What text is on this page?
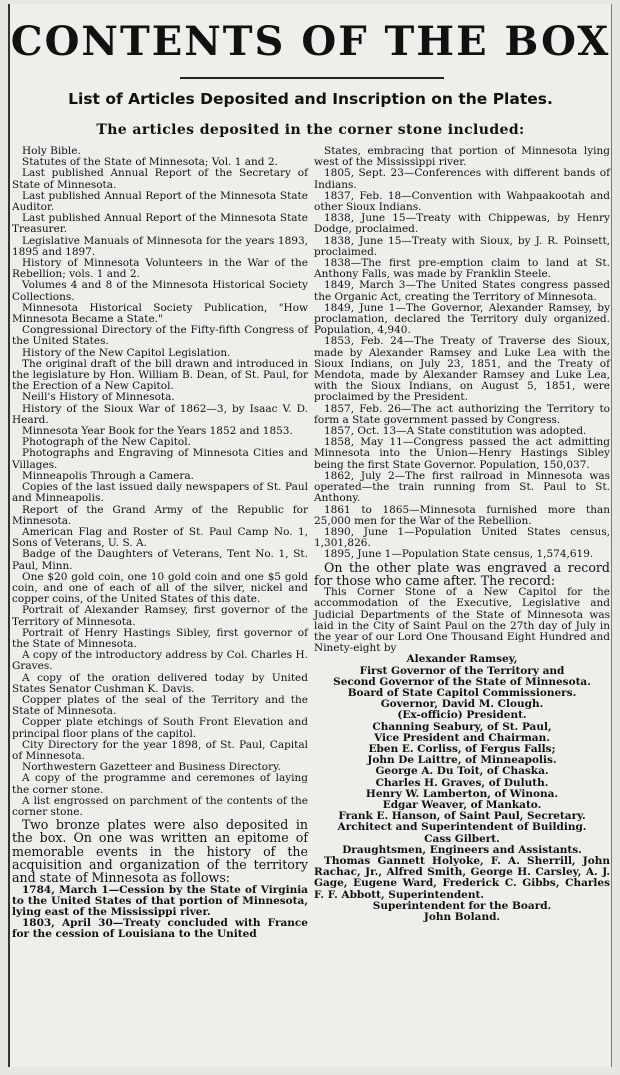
CONTENTS OF THE BOX
List of Articles Deposited and Inscription on the Plates.
The articles deposited in the corner stone included:

Holy Bible.

Statutes of the State of Minnesota; Vol. 1 and 2.

Last published Annual Report of the Secretary of State of Minnesota.

Last published Annual Report of the Minnesota State Auditor.

Last published Annual Report of the Minnesota State Treasurer.

Legislative Manuals of Minnesota for the years 1893, 1895 and 1897.

History of Minnesota Volunteers in the War of the Rebellion; vols. 1 and 2.

Volumes 4 and 8 of the Minnesota Historical Society Collections.

Minnesota Historical Society Publication, "How Minnesota Became a State."

Congressional Directory of the Fifty-fifth Congress of the United States.

History of the New Capitol Legislation.

The original draft of the bill drawn and introduced in the legislature by Hon. William B. Dean, of St. Paul, for the Erection of a New Capitol.

Neill's History of Minnesota.

History of the Sioux War of 1862—3, by Isaac V. D. Heard.

Minnesota Year Book for the Years 1852 and 1853.

Photograph of the New Capitol.

Photographs and Engraving of Minnesota Cities and Villages.

Minneapolis Through a Camera.

Copies of the last issued daily newspapers of St. Paul and Minneapolis.

Report of the Grand Army of the Republic for Minnesota.

American Flag and Roster of St. Paul Camp No. 1, Sons of Veterans, U. S. A.

Badge of the Daughters of Veterans, Tent No. 1, St. Paul, Minn.

One $20 gold coin, one 10 gold coin and one $5 gold coin, and one of each of all of the silver, nickel and copper coins, of the United States of this date.

Portrait of Alexander Ramsey, first governor of the Territory of Minnesota.

Portrait of Henry Hastings Sibley, first governor of the State of Minnesota.

A copy of the introductory address by Col. Charles H. Graves.

A copy of the oration delivered today by United States Senator Cushman K. Davis.

Copper plates of the seal of the Territory and the State of Minnesota.

Copper plate etchings of South Front Elevation and principal floor plans of the capitol.

City Directory for the year 1898, of St. Paul, Capital of Minnesota.

Northwestern Gazetteer and Business Directory.

A copy of the programme and ceremones of laying the corner stone.

A list engrossed on parchment of the contents of the corner stone.

Two bronze plates were also deposited in the box. On one was written an epitome of memorable events in the history of the acquisition and organization of the territory and state of Minnesota as follows:

1784, March 1—Cession by the State of Virginia to the United States of that portion of Minnesota, lying east of the Mississippi river.

1803, April 30—Treaty concluded with France for the cession of Louisiana to the United

States, embracing that portion of Minnesota lying west of the Mississippi river.

1805, Sept. 23—Conferences with different bands of Indians.

1837, Feb. 18—Convention with Wahpaakootah and other Sioux Indians.

1838, June 15—Treaty with Chippewas, by Henry Dodge, proclaimed.

1838, June 15—Treaty with Sioux, by J. R. Poinsett, proclaimed.

1838—The first pre-emption claim to land at St. Anthony Falls, was made by Franklin Steele.

1849, March 3—The United States congress passed the Organic Act, creating the Territory of Minnesota.

1849, June 1—The Governor, Alexander Ramsey, by proclamation, declared the Territory duly organized. Population, 4,940.

1853, Feb. 24—The Treaty of Traverse des Sioux, made by Alexander Ramsey and Luke Lea with the Sioux Indians, on July 23, 1851, and the Treaty of Mendota, made by Alexander Ramsey and Luke Lea, with the Sioux Indians, on August 5, 1851, were proclaimed by the President.

1857, Feb. 26—The act authorizing the Territory to form a State government passed by Congress.

1857, Oct. 13—A State constitution was adopted.

1858, May 11—Congress passed the act admitting Minnesota into the Union—Henry Hastings Sibley being the first State Governor. Population, 150,037.

1862, July 2—The first railroad in Minnesota was operated—the train running from St. Paul to St. Anthony.

1861 to 1865—Minnesota furnished more than 25,000 men for the War of the Rebellion.

1890, June 1—Population United States census, 1,301,826.

1895, June 1—Population State census, 1,574,619.

On the other plate was engraved a record for those who came after. The record:

This Corner Stone of a New Capitol for the accommodation of the Executive, Legislative and Judicial Departments of the State of Minnesota was laid in the City of Saint Paul on the 27th day of July in the year of our Lord One Thousand Eight Hundred and Ninety-eight by

Alexander Ramsey,

First Governor of the Territory and

Second Governor of the State of Minnesota.

Board of State Capitol Commissioners.

Governor, David M. Clough.

(Ex-officio) President.

Channing Seabury, of St. Paul,

Vice President and Chairman.

Eben E. Corliss, of Fergus Falls;

John De Laittre, of Minneapolis.

George A. Du Toit, of Chaska.

Charles H. Graves, of Duluth.

Henry W. Lamberton, of Winona.

Edgar Weaver, of Mankato.

Frank E. Hanson, of Saint Paul, Secretary.

Architect and Superintendent of Building.

Cass Gilbert.

Draughtsmen, Engineers and Assistants.

Thomas Gannett Holyoke, F. A. Sherrill, John Rachac, Jr., Alfred Smith, George H. Carsley, A. J. Gage, Eugene Ward, Frederick C. Gibbs, Charles F. F. Abbott, Superintendent.

Superintendent for the Board.

John Boland.
